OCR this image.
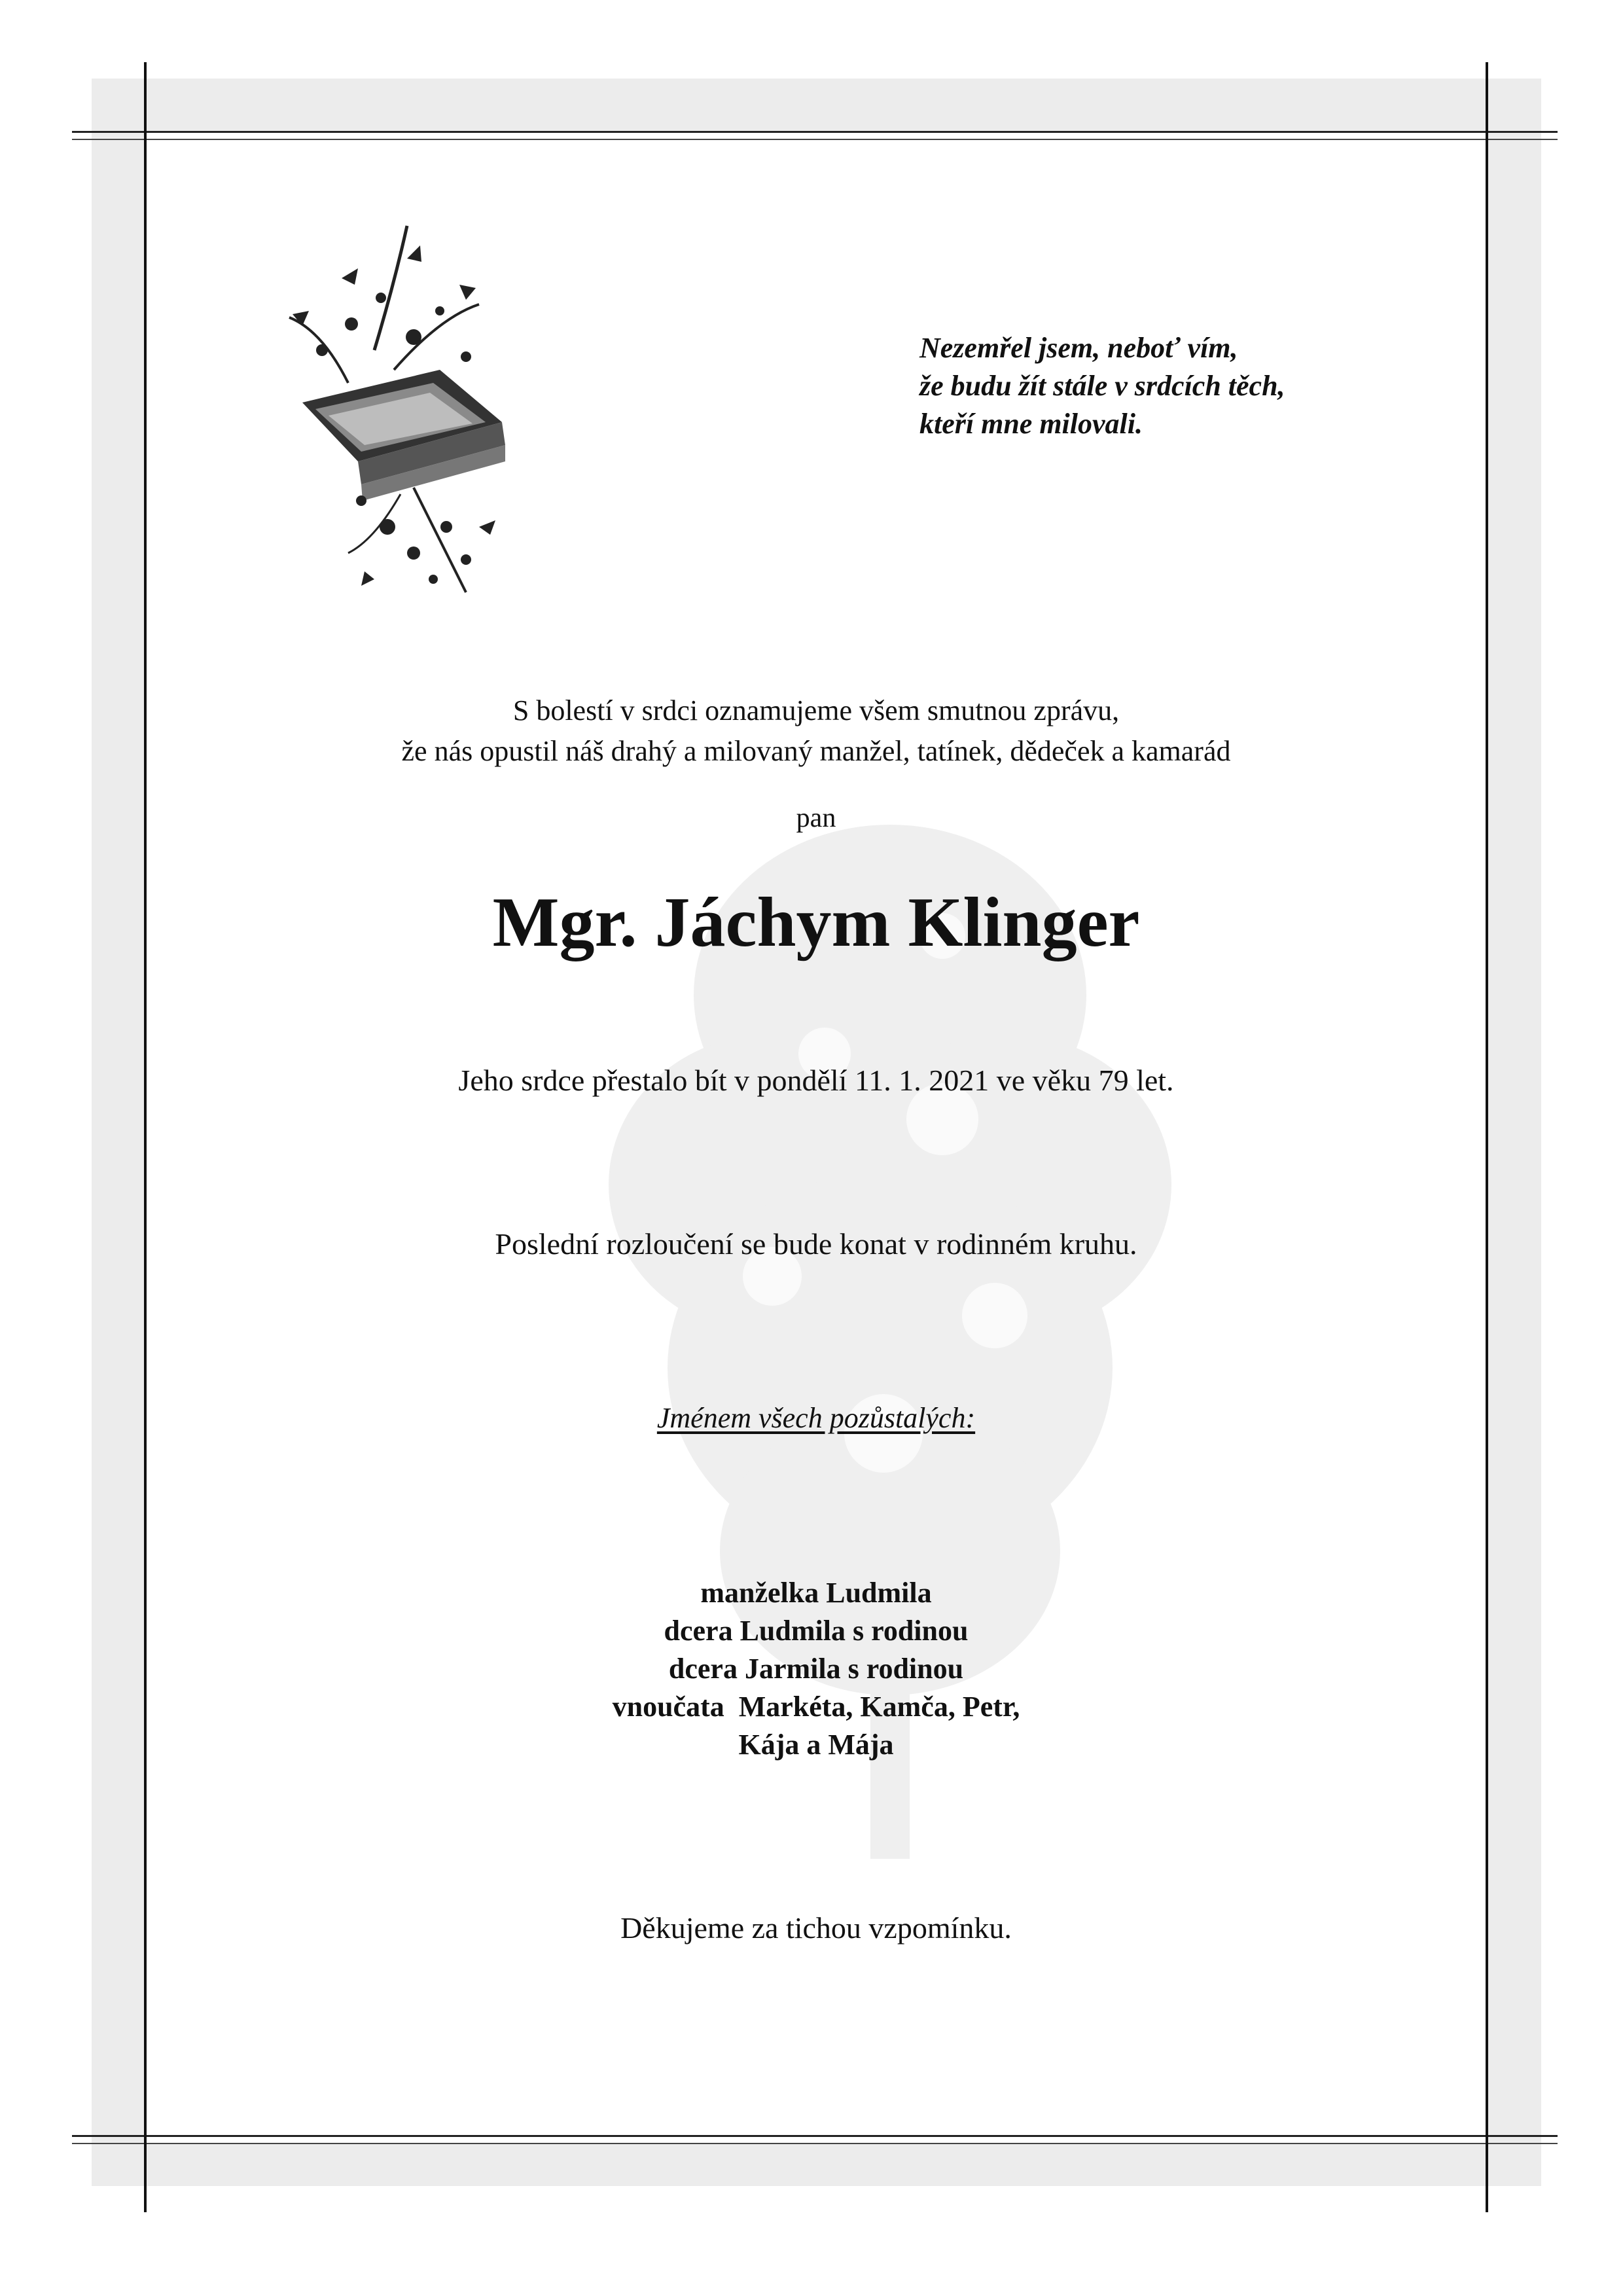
Nezemřel jsem, neboť vím,
že budu žít stále v srdcích těch,
kteří mne milovali.
S bolestí v srdci oznamujeme všem smutnou zprávu,
že nás opustil náš drahý a milovaný manžel, tatínek, dědeček a kamarád
pan
Mgr. Jáchym Klinger
Jeho srdce přestalo bít v pondělí 11. 1. 2021 ve věku 79 let.
Poslední rozloučení se bude konat v rodinném kruhu.
Jménem všech pozůstalých:
manželka Ludmila
dcera Ludmila s rodinou
dcera Jarmila s rodinou
vnoučata  Markéta, Kamča, Petr,
Kája a Mája
Děkujeme za tichou vzpomínku.
